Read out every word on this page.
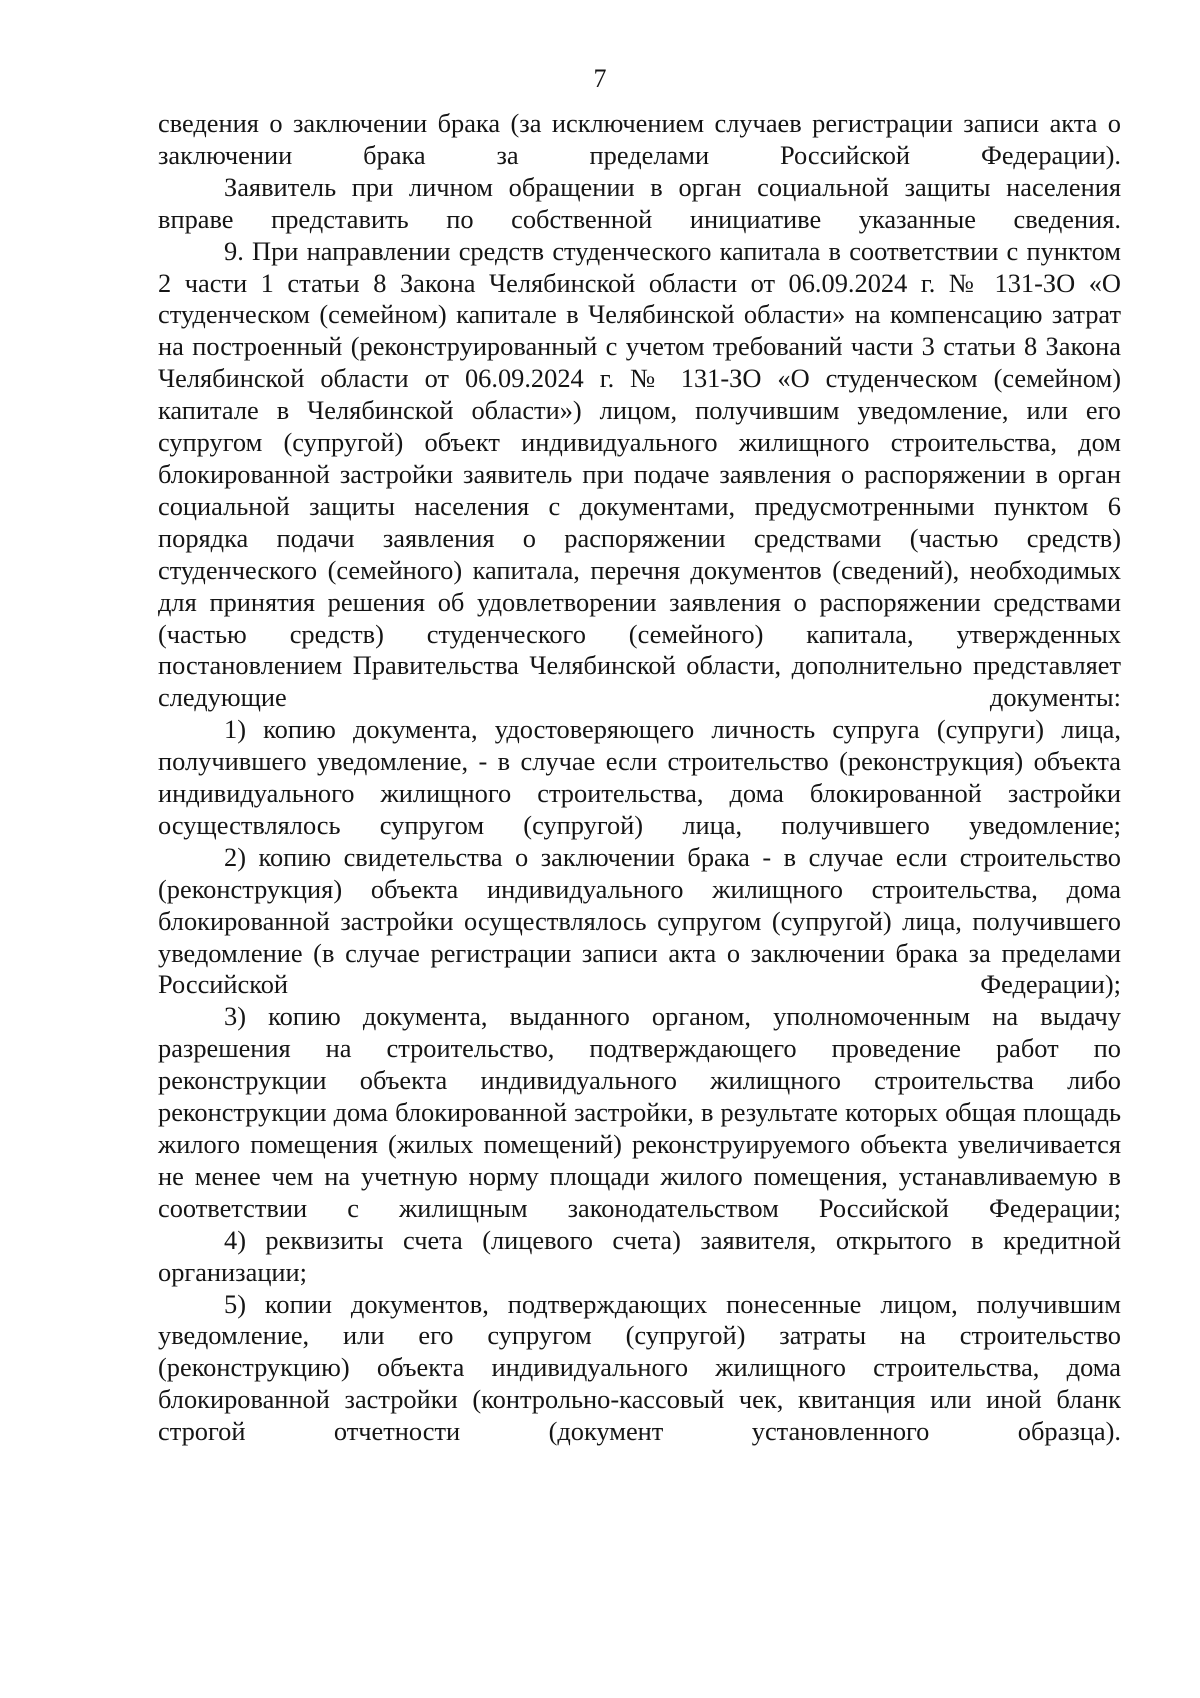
7

сведения о заключении брака (за исключением случаев регистрации записи акта о заключении брака за пределами Российской Федерации).

Заявитель при личном обращении в орган социальной защиты населения вправе представить по собственной инициативе указанные сведения.

9. При направлении средств студенческого капитала в соответствии с пунктом 2 части 1 статьи 8 Закона Челябинской области от 06.09.2024 г. № 131-ЗО «О студенческом (семейном) капитале в Челябинской области» на компенсацию затрат на построенный (реконструированный с учетом требований части 3 статьи 8 Закона Челябинской области от 06.09.2024 г. № 131-ЗО «О студенческом (семейном) капитале в Челябинской области») лицом, получившим уведомление, или его супругом (супругой) объект индивидуального жилищного строительства, дом блокированной застройки заявитель при подаче заявления о распоряжении в орган социальной защиты населения с документами, предусмотренными пунктом 6 порядка подачи заявления о распоряжении средствами (частью средств) студенческого (семейного) капитала, перечня документов (сведений), необходимых для принятия решения об удовлетворении заявления о распоряжении средствами (частью средств) студенческого (семейного) капитала, утвержденных постановлением Правительства Челябинской области, дополнительно представляет следующие документы:

1) копию документа, удостоверяющего личность супруга (супруги) лица, получившего уведомление, - в случае если строительство (реконструкция) объекта индивидуального жилищного строительства, дома блокированной застройки осуществлялось супругом (супругой) лица, получившего уведомление;

2) копию свидетельства о заключении брака - в случае если строительство (реконструкция) объекта индивидуального жилищного строительства, дома блокированной застройки осуществлялось супругом (супругой) лица, получившего уведомление (в случае регистрации записи акта о заключении брака за пределами Российской Федерации);

3) копию документа, выданного органом, уполномоченным на выдачу разрешения на строительство, подтверждающего проведение работ по реконструкции объекта индивидуального жилищного строительства либо реконструкции дома блокированной застройки, в результате которых общая площадь жилого помещения (жилых помещений) реконструируемого объекта увеличивается не менее чем на учетную норму площади жилого помещения, устанавливаемую в соответствии с жилищным законодательством Российской Федерации;

4) реквизиты счета (лицевого счета) заявителя, открытого в кредитной организации;

5) копии документов, подтверждающих понесенные лицом, получившим уведомление, или его супругом (супругой) затраты на строительство (реконструкцию) объекта индивидуального жилищного строительства, дома блокированной застройки (контрольно-кассовый чек, квитанция или иной бланк строгой отчетности (документ установленного образца).
